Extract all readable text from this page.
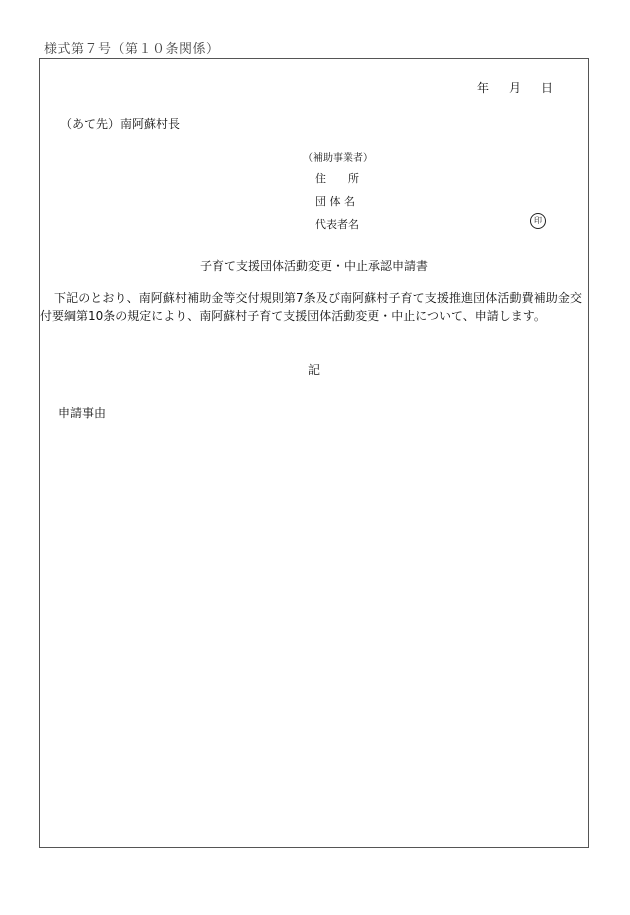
様式第７号（第１０条関係）
年 月 日
（あて先）南阿蘇村長
（補助事業者）
住　　所
団 体 名
代表者名	印
子育て支援団体活動変更・中止承認申請書
下記のとおり、南阿蘇村補助金等交付規則第7条及び南阿蘇村子育て支援推進団体活動費補助金交付要綱第10条の規定により、南阿蘇村子育て支援団体活動変更・中止について、申請します。
記
申請事由
